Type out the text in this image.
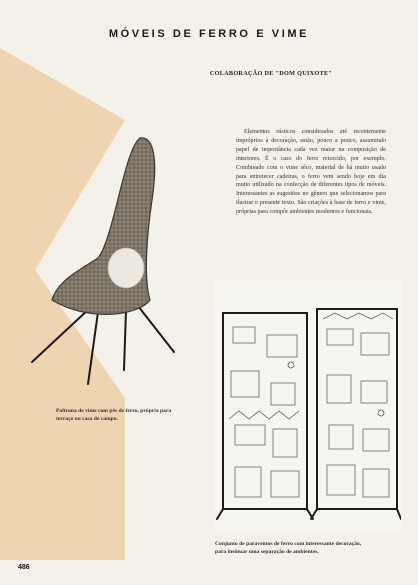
MÓVEIS DE FERRO E VIME
COLABORAÇÃO DE "DOM QUIXOTE"

Elementos rústicos considerados até recentemente impróprios à decoração, estão, pouco a pouco, assumindo papel de importância cada vez maior na composição de interiores. É o caso do ferro retorcido, por exemplo. Combinado com o vime sêco, material de há muito usado para entretecer cadeiras, o ferro vem sendo hoje em dia muito utilizado na confecção de diferentes tipos de móveis. Interessantes as sugestões no gênero que selecionamos para ilustrar o presente texto. São criações à base de ferro e vime, próprias para compôr ambientes modernos e funcionais.

Poltrona de vime com pés de ferro, própria para terraço ou casa de campo.

Conjunto de paraventos de ferro com interessante decoração, para insinuar uma separação de ambientes.

486
